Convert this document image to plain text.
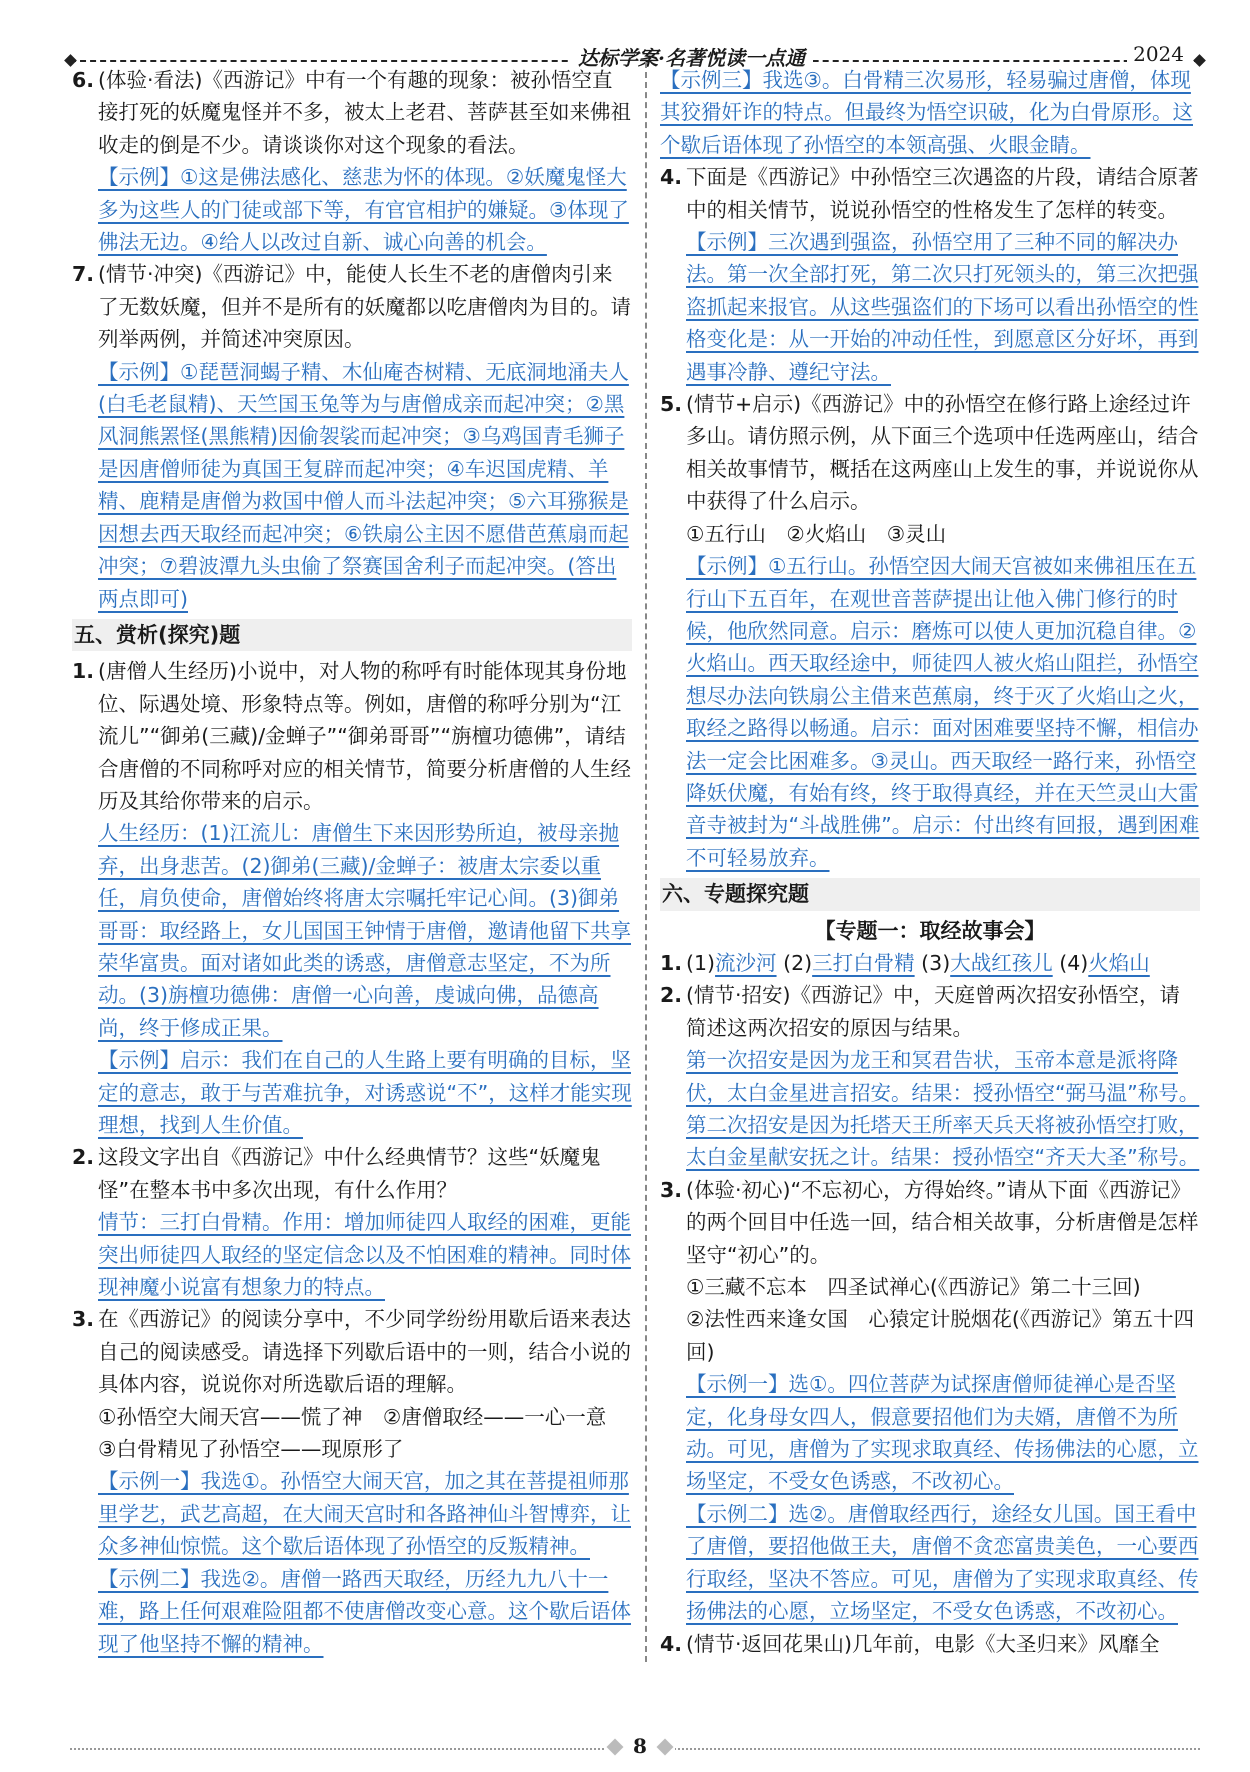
达标学案·名著悦读一点通	2024
6. (体验·看法)《西游记》中有一个有趣的现象：被孙悟空直接打死的妖魔鬼怪并不多，被太上老君、菩萨甚至如来佛祖收走的倒是不少。请谈谈你对这个现象的看法。
【示例】①这是佛法感化、慈悲为怀的体现。②妖魔鬼怪大多为这些人的门徒或部下等，有官官相护的嫌疑。③体现了佛法无边。④给人以改过自新、诚心向善的机会。
7. (情节·冲突)《西游记》中，能使人长生不老的唐僧肉引来了无数妖魔，但并不是所有的妖魔都以吃唐僧肉为目的。请列举两例，并简述冲突原因。
【示例】①琵琶洞蝎子精、木仙庵杏树精、无底洞地涌夫人(白毛老鼠精)、天竺国玉兔等为与唐僧成亲而起冲突；②黑风洞熊罴怪(黑熊精)因偷袈裟而起冲突；③乌鸡国青毛狮子是因唐僧师徒为真国王复辟而起冲突；④车迟国虎精、羊精、鹿精是唐僧为救国中僧人而斗法起冲突；⑤六耳猕猴是因想去西天取经而起冲突；⑥铁扇公主因不愿借芭蕉扇而起冲突；⑦碧波潭九头虫偷了祭赛国舍利子而起冲突。(答出两点即可)
五、赏析(探究)题
1. (唐僧人生经历)小说中，对人物的称呼有时能体现其身份地位、际遇处境、形象特点等。例如，唐僧的称呼分别为“江流儿”“御弟(三藏)/金蝉子”“御弟哥哥”“旃檀功德佛”，请结合唐僧的不同称呼对应的相关情节，简要分析唐僧的人生经历及其给你带来的启示。
人生经历：(1)江流儿：唐僧生下来因形势所迫，被母亲抛弃，出身悲苦。(2)御弟(三藏)/金蝉子：被唐太宗委以重任，肩负使命，唐僧始终将唐太宗嘱托牢记心间。(3)御弟哥哥：取经路上，女儿国国王钟情于唐僧，邀请他留下共享荣华富贵。面对诸如此类的诱惑，唐僧意志坚定，不为所动。(3)旃檀功德佛：唐僧一心向善，虔诚向佛，品德高尚，终于修成正果。
【示例】启示：我们在自己的人生路上要有明确的目标，坚定的意志，敢于与苦难抗争，对诱惑说“不”，这样才能实现理想，找到人生价值。
2. 这段文字出自《西游记》中什么经典情节？这些“妖魔鬼怪”在整本书中多次出现，有什么作用？
情节：三打白骨精。作用：增加师徒四人取经的困难，更能突出师徒四人取经的坚定信念以及不怕困难的精神。同时体现神魔小说富有想象力的特点。
3. 在《西游记》的阅读分享中，不少同学纷纷用歇后语来表达自己的阅读感受。请选择下列歇后语中的一则，结合小说的具体内容，说说你对所选歇后语的理解。
①孙悟空大闹天宫——慌了神　②唐僧取经——一心一意　③白骨精见了孙悟空——现原形了
【示例一】我选①。孙悟空大闹天宫，加之其在菩提祖师那里学艺，武艺高超，在大闹天宫时和各路神仙斗智博弈，让众多神仙惊慌。这个歇后语体现了孙悟空的反叛精神。
【示例二】我选②。唐僧一路西天取经，历经九九八十一难，路上任何艰难险阻都不使唐僧改变心意。这个歇后语体现了他坚持不懈的精神。
【示例三】我选③。白骨精三次易形，轻易骗过唐僧，体现其狡猾奸诈的特点。但最终为悟空识破，化为白骨原形。这个歇后语体现了孙悟空的本领高强、火眼金睛。
4. 下面是《西游记》中孙悟空三次遇盗的片段，请结合原著中的相关情节，说说孙悟空的性格发生了怎样的转变。
【示例】三次遇到强盗，孙悟空用了三种不同的解决办法。第一次全部打死，第二次只打死领头的，第三次把强盗抓起来报官。从这些强盗们的下场可以看出孙悟空的性格变化是：从一开始的冲动任性，到愿意区分好坏，再到遇事冷静、遵纪守法。
5. (情节+启示)《西游记》中的孙悟空在修行路上途经过许多山。请仿照示例，从下面三个选项中任选两座山，结合相关故事情节，概括在这两座山上发生的事，并说说你从中获得了什么启示。
①五行山　②火焰山　③灵山
【示例】①五行山。孙悟空因大闹天宫被如来佛祖压在五行山下五百年，在观世音菩萨提出让他入佛门修行的时候，他欣然同意。启示：磨炼可以使人更加沉稳自律。②火焰山。西天取经途中，师徒四人被火焰山阻拦，孙悟空想尽办法向铁扇公主借来芭蕉扇，终于灭了火焰山之火，取经之路得以畅通。启示：面对困难要坚持不懈，相信办法一定会比困难多。③灵山。西天取经一路行来，孙悟空降妖伏魔，有始有终，终于取得真经，并在天竺灵山大雷音寺被封为“斗战胜佛”。启示：付出终有回报，遇到困难不可轻易放弃。
六、专题探究题
【专题一：取经故事会】
1. (1)流沙河 (2)三打白骨精 (3)大战红孩儿 (4)火焰山
2. (情节·招安)《西游记》中，天庭曾两次招安孙悟空，请简述这两次招安的原因与结果。
第一次招安是因为龙王和冥君告状，玉帝本意是派将降伏，太白金星进言招安。结果：授孙悟空“弼马温”称号。第二次招安是因为托塔天王所率天兵天将被孙悟空打败，太白金星献安抚之计。结果：授孙悟空“齐天大圣”称号。
3. (体验·初心)“不忘初心，方得始终。”请从下面《西游记》的两个回目中任选一回，结合相关故事，分析唐僧是怎样坚守“初心”的。
①三藏不忘本　四圣试禅心(《西游记》第二十三回)
②法性西来逢女国　心猿定计脱烟花(《西游记》第五十四回)
【示例一】选①。四位菩萨为试探唐僧师徒禅心是否坚定，化身母女四人，假意要招他们为夫婿，唐僧不为所动。可见，唐僧为了实现求取真经、传扬佛法的心愿，立场坚定，不受女色诱惑，不改初心。
【示例二】选②。唐僧取经西行，途经女儿国。国王看中了唐僧，要招他做王夫，唐僧不贪恋富贵美色，一心要西行取经，坚决不答应。可见，唐僧为了实现求取真经、传扬佛法的心愿，立场坚定，不受女色诱惑，不改初心。
4. (情节·返回花果山)几年前，电影《大圣归来》风靡全
8
